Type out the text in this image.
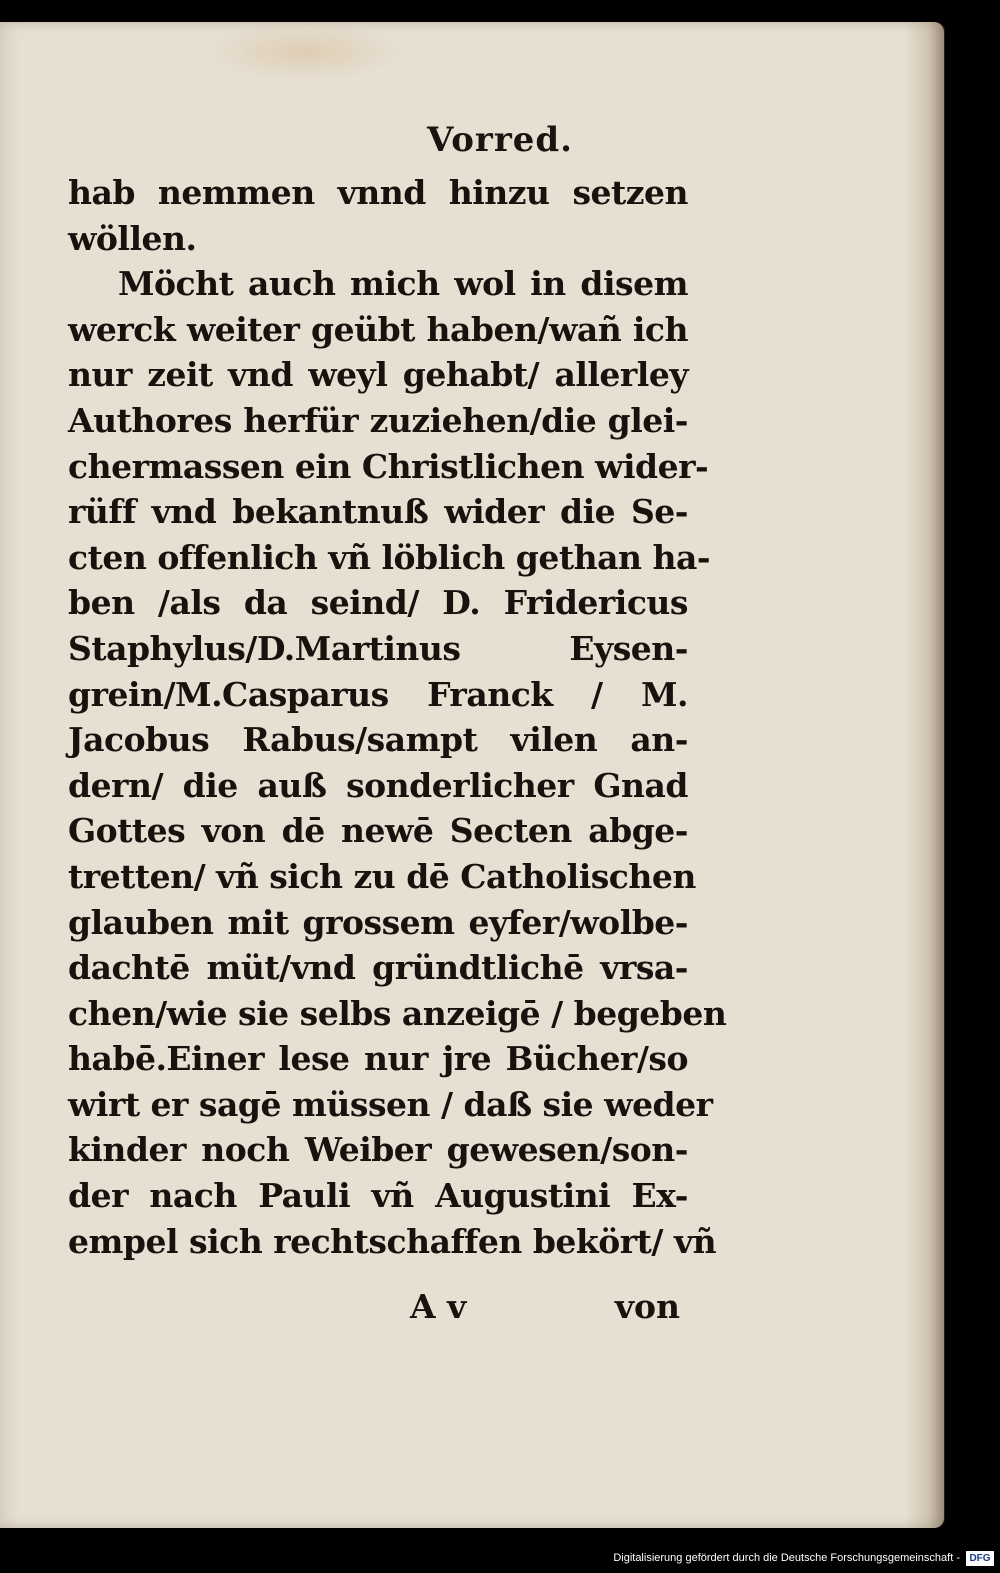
Vorred.
hab nemmen vnnd hinzu setzen
wöllen.
Möcht auch mich wol in disem
werck weiter geübt haben/wañ ich
nur zeit vnd weyl gehabt/ allerley
Authores herfür zuziehen/die glei-
chermassen ein Christlichen wider-
rüff vnd bekantnuß wider die Se-
cten offenlich vñ löblich gethan ha-
ben /als da seind/ D. Fridericus
Staphylus/D.Martinus Eysen-
grein/M.Casparus Franck / M.
Jacobus Rabus/sampt vilen an-
dern/ die auß sonderlicher Gnad
Gottes von dē newē Secten abge-
tretten/ vñ sich zu dē Catholischen
glauben mit grossem eyfer/wolbe-
dachtē müt/vnd gründtlichē vrsa-
chen/wie sie selbs anzeigē / begeben
habē.Einer lese nur jre Bücher/so
wirt er sagē müssen / daß sie weder
kinder noch Weiber gewesen/son-
der nach Pauli vñ Augustini Ex-
empel sich rechtschaffen bekört/ vñ
A v	von
Digitalisierung gefördert durch die Deutsche Forschungsgemeinschaft - DFG
